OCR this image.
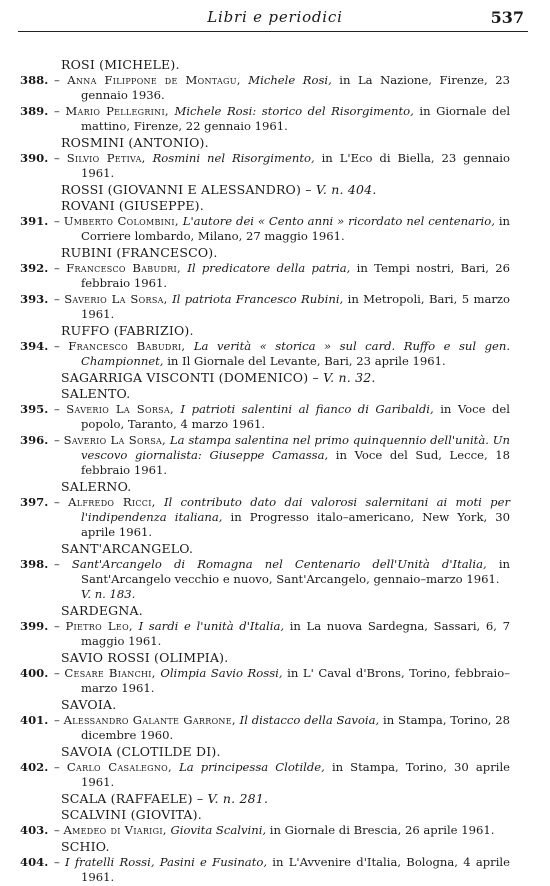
Libri e periodici	537
ROSI (MICHELE).
388. – Anna Filippone de Montagu, Michele Rosi, in La Nazione, Firenze, 23 gennaio 1936.
389. – Mario Pellegrini, Michele Rosi: storico del Risorgimento, in Giornale del mattino, Firenze, 22 gennaio 1961.
ROSMINI (ANTONIO).
390. – Silvio Petiva, Rosmini nel Risorgimento, in L'Eco di Biella, 23 gennaio 1961.
ROSSI (GIOVANNI E ALESSANDRO) – V. n. 404.
ROVANI (GIUSEPPE).
391. – Umberto Colombini, L'autore dei « Cento anni » ricordato nel centenario, in Corriere lombardo, Milano, 27 maggio 1961.
RUBINI (FRANCESCO).
392. – Francesco Babudri, Il predicatore della patria, in Tempi nostri, Bari, 26 febbraio 1961.
393. – Saverio La Sorsa, Il patriota Francesco Rubini, in Metropoli, Bari, 5 marzo 1961.
RUFFO (FABRIZIO).
394. – Francesco Babudri, La verità « storica » sul card. Ruffo e sul gen. Championnet, in Il Giornale del Levante, Bari, 23 aprile 1961.
SAGARRIGA VISCONTI (DOMENICO) – V. n. 32.
SALENTO.
395. – Saverio La Sorsa, I patrioti salentini al fianco di Garibaldi, in Voce del popolo, Taranto, 4 marzo 1961.
396. – Saverio La Sorsa, La stampa salentina nel primo quinquennio dell'unità. Un vescovo giornalista: Giuseppe Camassa, in Voce del Sud, Lecce, 18 febbraio 1961.
SALERNO.
397. – Alfredo Ricci, Il contributo dato dai valorosi salernitani ai moti per l'indipendenza italiana, in Progresso italo–americano, New York, 30 aprile 1961.
SANT'ARCANGELO.
398. – Sant'Arcangelo di Romagna nel Centenario dell'Unità d'Italia, in Sant'Arcangelo vecchio e nuovo, Sant'Arcangelo, gennaio–marzo 1961.
V. n. 183.
SARDEGNA.
399. – Pietro Leo, I sardi e l'unità d'Italia, in La nuova Sardegna, Sassari, 6, 7 maggio 1961.
SAVIO ROSSI (OLIMPIA).
400. – Cesare Bianchi, Olimpia Savio Rossi, in L' Caval d'Brons, Torino, febbraio–marzo 1961.
SAVOIA.
401. – Alessandro Galante Garrone, Il distacco della Savoia, in Stampa, Torino, 28 dicembre 1960.
SAVOIA (CLOTILDE DI).
402. – Carlo Casalegno, La principessa Clotilde, in Stampa, Torino, 30 aprile 1961.
SCALA (RAFFAELE) – V. n. 281.
SCALVINI (GIOVITA).
403. – Amedeo di Viarigi, Giovita Scalvini, in Giornale di Brescia, 26 aprile 1961.
SCHIO.
404. – I fratelli Rossi, Pasini e Fusinato, in L'Avvenire d'Italia, Bologna, 4 aprile 1961.
